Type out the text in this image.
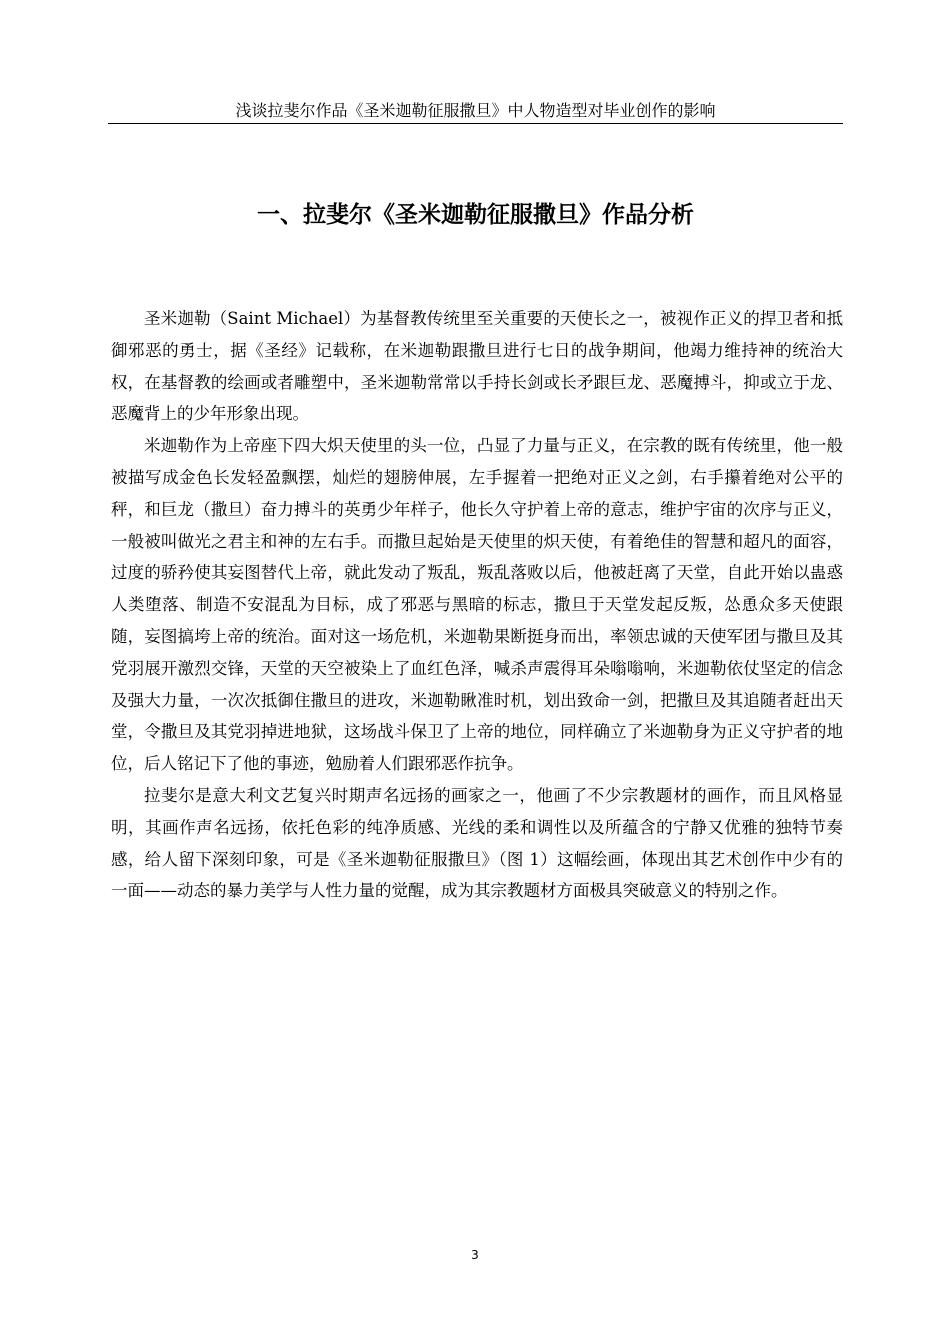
浅谈拉斐尔作品《圣米迦勒征服撒旦》中人物造型对毕业创作的影响
一、拉斐尔《圣米迦勒征服撒旦》作品分析

圣米迦勒（Saint Michael）为基督教传统里至关重要的天使长之一，被视作正义的捍卫者和抵御邪恶的勇士，据《圣经》记载称，在米迦勒跟撒旦进行七日的战争期间，他竭力维持神的统治大权，在基督教的绘画或者雕塑中，圣米迦勒常常以手持长剑或长矛跟巨龙、恶魔搏斗，抑或立于龙、恶魔背上的少年形象出现。

米迦勒作为上帝座下四大炽天使里的头一位，凸显了力量与正义，在宗教的既有传统里，他一般被描写成金色长发轻盈飘摆，灿烂的翅膀伸展，左手握着一把绝对正义之剑，右手攥着绝对公平的秤，和巨龙（撒旦）奋力搏斗的英勇少年样子，他长久守护着上帝的意志，维护宇宙的次序与正义，一般被叫做光之君主和神的左右手。而撒旦起始是天使里的炽天使，有着绝佳的智慧和超凡的面容，过度的骄矜使其妄图替代上帝，就此发动了叛乱，叛乱落败以后，他被赶离了天堂，自此开始以蛊惑人类堕落、制造不安混乱为目标，成了邪恶与黑暗的标志，撒旦于天堂发起反叛，怂恿众多天使跟随，妄图搞垮上帝的统治。面对这一场危机，米迦勒果断挺身而出，率领忠诚的天使军团与撒旦及其党羽展开激烈交锋，天堂的天空被染上了血红色泽，喊杀声震得耳朵嗡嗡响，米迦勒依仗坚定的信念及强大力量，一次次抵御住撒旦的进攻，米迦勒瞅准时机，划出致命一剑，把撒旦及其追随者赶出天堂，令撒旦及其党羽掉进地狱，这场战斗保卫了上帝的地位，同样确立了米迦勒身为正义守护者的地位，后人铭记下了他的事迹，勉励着人们跟邪恶作抗争。

拉斐尔是意大利文艺复兴时期声名远扬的画家之一，他画了不少宗教题材的画作，而且风格显明，其画作声名远扬，依托色彩的纯净质感、光线的柔和调性以及所蕴含的宁静又优雅的独特节奏感，给人留下深刻印象，可是《圣米迦勒征服撒旦》（图 1）这幅绘画，体现出其艺术创作中少有的一面——动态的暴力美学与人性力量的觉醒，成为其宗教题材方面极具突破意义的特别之作。

3
